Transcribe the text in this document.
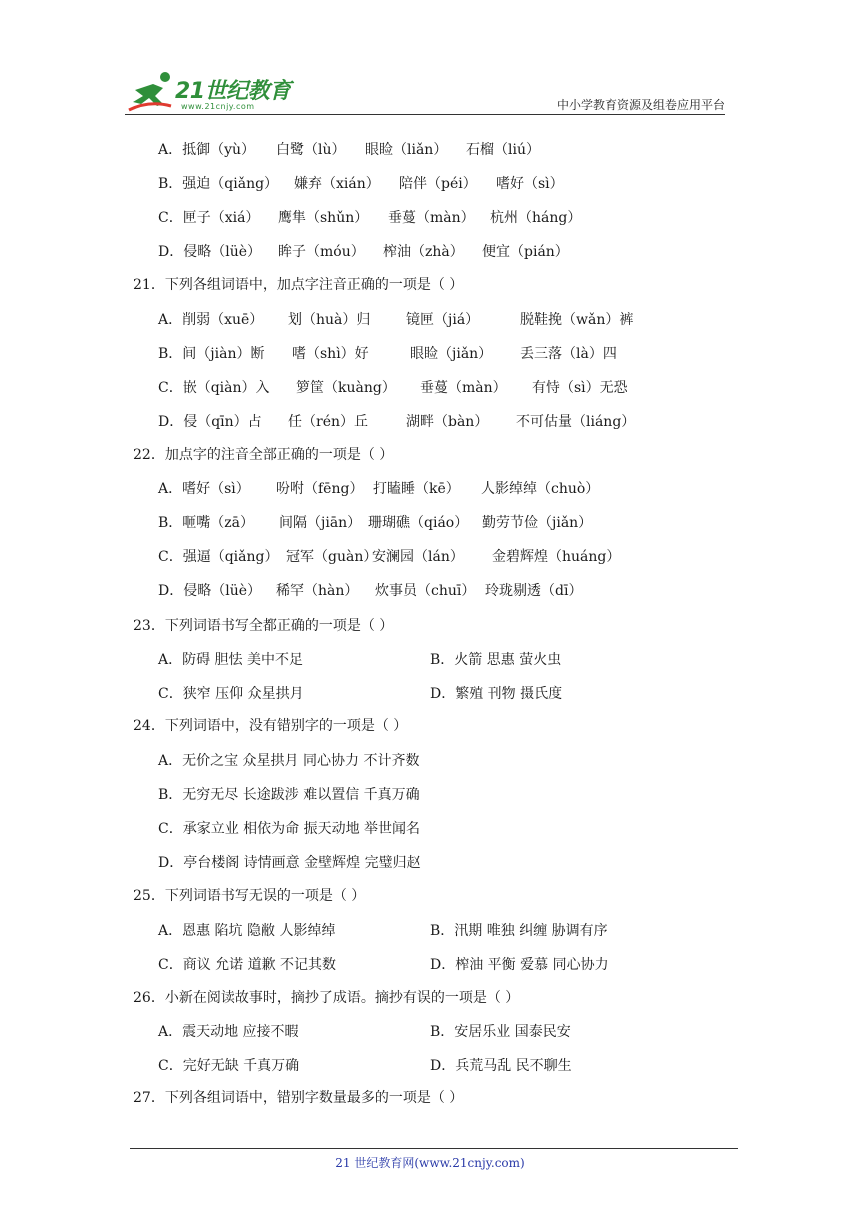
21世纪教育
www.21cnjy.com	中小学教育资源及组卷应用平台
A．抵御（yù） 白鹭（lù） 眼睑（liǎn） 石榴（liú）
B．强迫（qiǎng） 嫌弃（xián） 陪伴（péi） 嗜好（sì）
C．匣子（xiá） 鹰隼（shǔn） 垂蔓（màn） 杭州（háng）
D．侵略（lüè） 眸子（móu） 榨油（zhà） 便宜（pián）
21．下列各组词语中，加点字注音正确的一项是（ ）
A．削弱（xuē） 划（huà）归	镜匣（jiá）	脱鞋挽（wǎn）裤
B．间（jiàn）断 嗜（shì）好	眼睑（jiǎn） 丢三落（là）四
C．嵌（qiàn）入 箩筐（kuàng） 垂蔓（màn） 有恃（sì）无恐
D．侵（qīn）占 任（rén）丘	湖畔（bàn） 不可估量（liáng）
22．加点字的注音全部正确的一项是（ ）
A．嗜好（sì） 吩咐（fēng） 打瞌睡（kē） 人影绰绰（chuò）
B．咂嘴（zā） 间隔（jiān） 珊瑚礁（qiáo） 勤劳节俭（jiǎn）
C．强逼（qiǎng） 冠军（guàn）安澜园（lán） 金碧辉煌（huáng）
D．侵略（lüè） 稀罕（hàn） 炊事员（chuī） 玲珑剔透（dī）
23．下列词语书写全都正确的一项是（ ）
A．防碍 胆怯 美中不足	B．火箭 思惠 萤火虫
C．狭窄 压仰 众星拱月	D．繁殖 刊物 摄氏度
24．下列词语中，没有错别字的一项是（ ）
A．无价之宝 众星拱月 同心协力 不计齐数
B．无穷无尽 长途跋涉 难以置信 千真万确
C．承家立业 相依为命 振天动地 举世闻名
D．亭台楼阁 诗情画意 金壁辉煌 完璧归赵
25．下列词语书写无误的一项是（ ）
A．恩惠 陷坑 隐敝 人影绰绰	B．汛期 唯独 纠缠 胁调有序
C．商议 允诺 道歉 不记其数	D．榨油 平衡 爱慕 同心协力
26．小新在阅读故事时，摘抄了成语。摘抄有误的一项是（ ）
A．震天动地 应接不暇	B．安居乐业 国泰民安
C．完好无缺 千真万确	D．兵荒马乱 民不聊生
27．下列各组词语中，错别字数量最多的一项是（ ）
21 世纪教育网(www.21cnjy.com)
